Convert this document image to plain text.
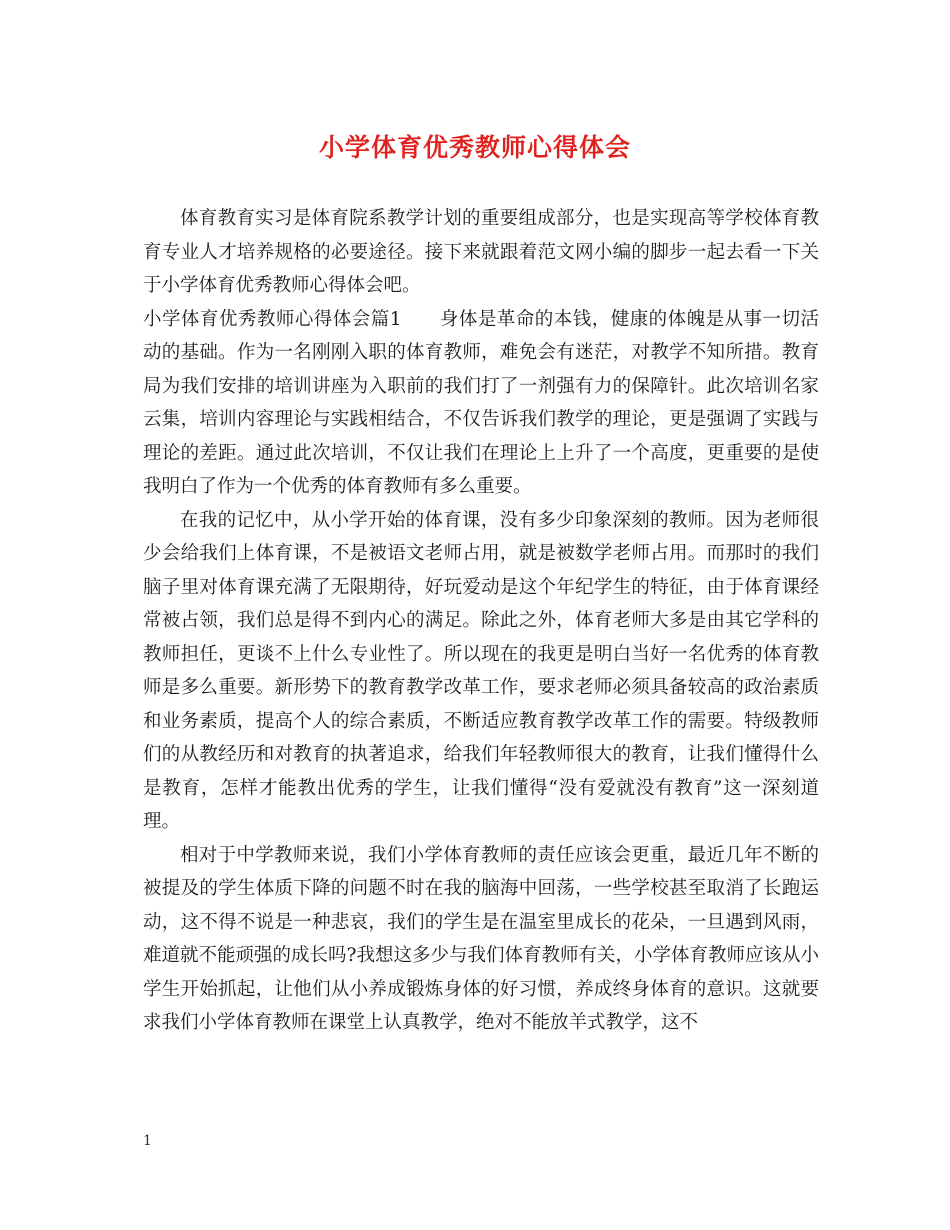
小学体育优秀教师心得体会

体育教育实习是体育院系教学计划的重要组成部分，也是实现高等学校体育教育专业人才培养规格的必要途径。接下来就跟着范文网小编的脚步一起去看一下关于小学体育优秀教师心得体会吧。

小学体育优秀教师心得体会篇1　　身体是革命的本钱，健康的体魄是从事一切活动的基础。作为一名刚刚入职的体育教师，难免会有迷茫，对教学不知所措。教育局为我们安排的培训讲座为入职前的我们打了一剂强有力的保障针。此次培训名家云集，培训内容理论与实践相结合，不仅告诉我们教学的理论，更是强调了实践与理论的差距。通过此次培训，不仅让我们在理论上上升了一个高度，更重要的是使我明白了作为一个优秀的体育教师有多么重要。

在我的记忆中，从小学开始的体育课，没有多少印象深刻的教师。因为老师很少会给我们上体育课，不是被语文老师占用，就是被数学老师占用。而那时的我们脑子里对体育课充满了无限期待，好玩爱动是这个年纪学生的特征，由于体育课经常被占领，我们总是得不到内心的满足。除此之外，体育老师大多是由其它学科的教师担任，更谈不上什么专业性了。所以现在的我更是明白当好一名优秀的体育教师是多么重要。新形势下的教育教学改革工作，要求老师必须具备较高的政治素质和业务素质，提高个人的综合素质，不断适应教育教学改革工作的需要。特级教师们的从教经历和对教育的执著追求，给我们年轻教师很大的教育，让我们懂得什么是教育，怎样才能教出优秀的学生，让我们懂得“没有爱就没有教育”这一深刻道理。

相对于中学教师来说，我们小学体育教师的责任应该会更重，最近几年不断的被提及的学生体质下降的问题不时在我的脑海中回荡，一些学校甚至取消了长跑运动，这不得不说是一种悲哀，我们的学生是在温室里成长的花朵，一旦遇到风雨，难道就不能顽强的成长吗?我想这多少与我们体育教师有关，小学体育教师应该从小学生开始抓起，让他们从小养成锻炼身体的好习惯，养成终身体育的意识。这就要求我们小学体育教师在课堂上认真教学，绝对不能放羊式教学，这不

1
